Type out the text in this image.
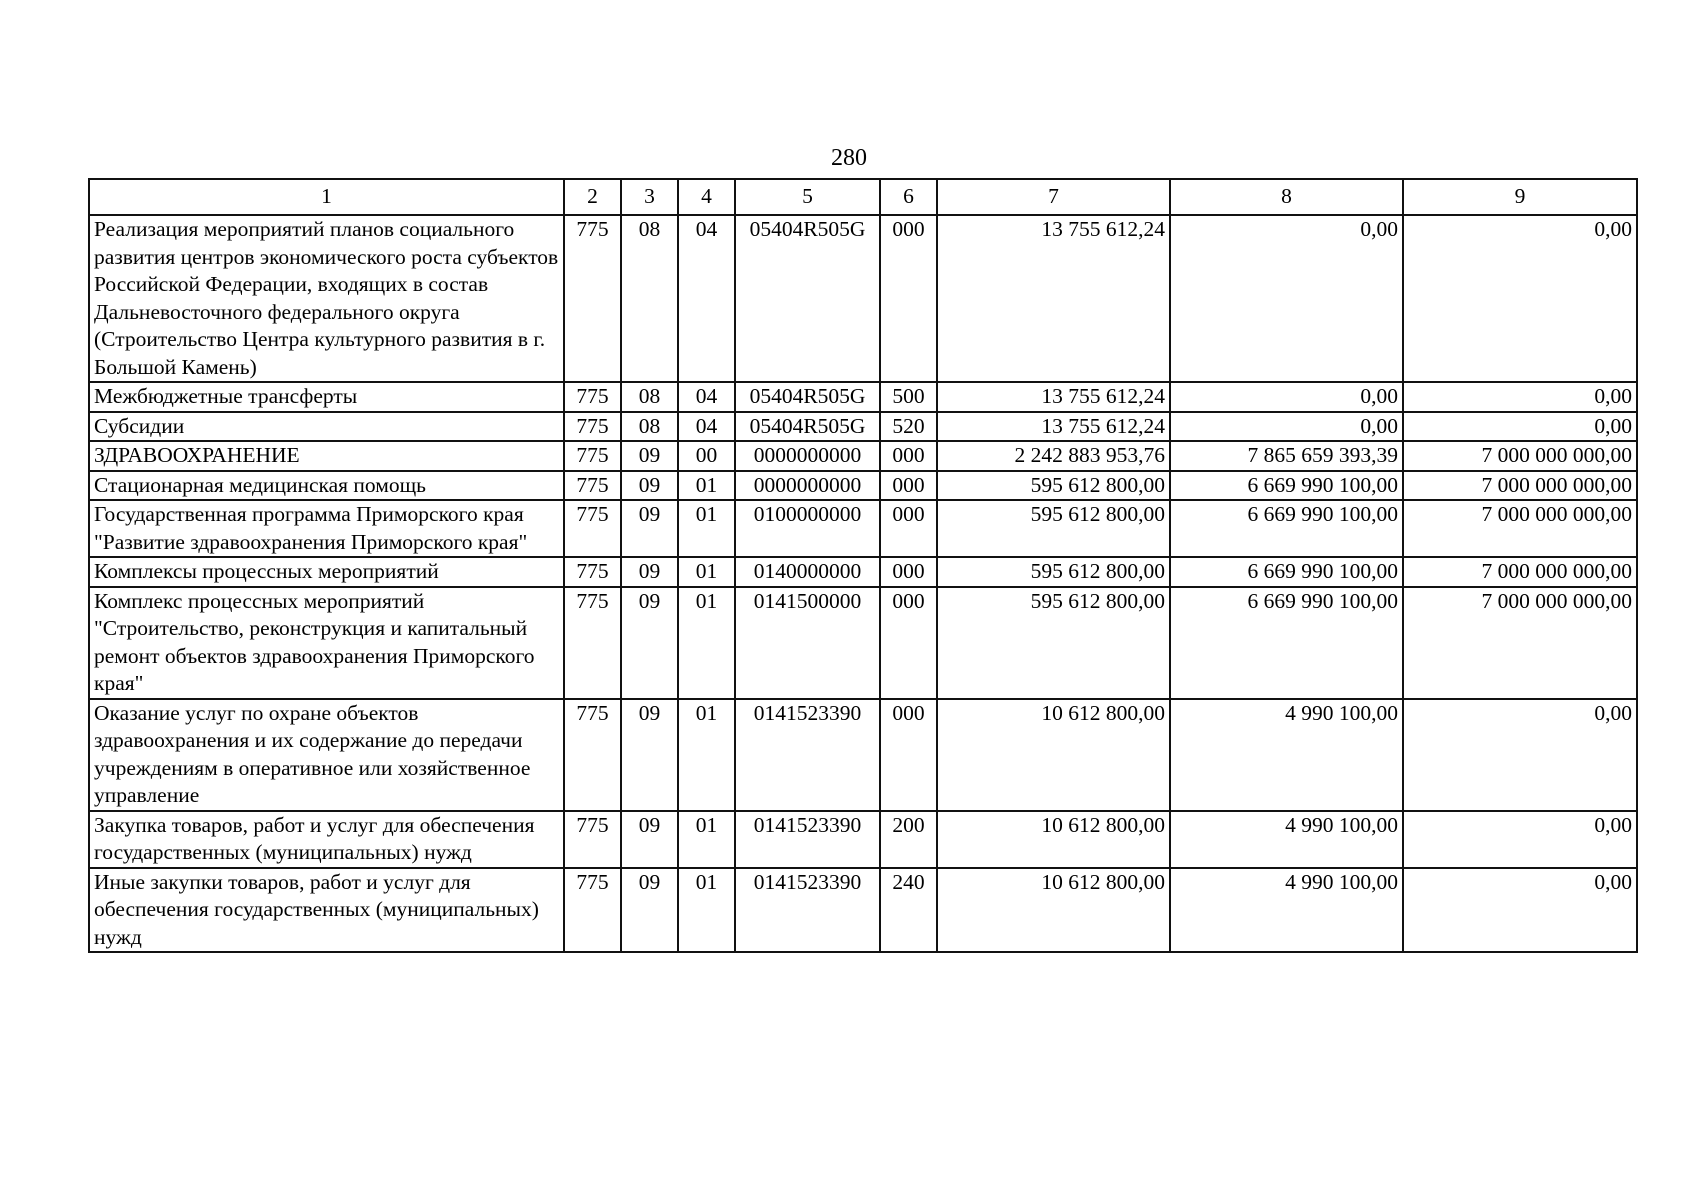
280
1	2	3	4	5	6	7	8	9
Реализация мероприятий планов социального развития центров экономического роста субъектов Российской Федерации, входящих в состав Дальневосточного федерального округа (Строительство Центра культурного развития в г. Большой Камень)	775	08	04	05404R505G	000	13 755 612,24	0,00	0,00
Межбюджетные трансферты	775	08	04	05404R505G	500	13 755 612,24	0,00	0,00
Субсидии	775	08	04	05404R505G	520	13 755 612,24	0,00	0,00
ЗДРАВООХРАНЕНИЕ	775	09	00	0000000000	000	2 242 883 953,76	7 865 659 393,39	7 000 000 000,00
Стационарная медицинская помощь	775	09	01	0000000000	000	595 612 800,00	6 669 990 100,00	7 000 000 000,00
Государственная программа Приморского края "Развитие здравоохранения Приморского края"	775	09	01	0100000000	000	595 612 800,00	6 669 990 100,00	7 000 000 000,00
Комплексы процессных мероприятий	775	09	01	0140000000	000	595 612 800,00	6 669 990 100,00	7 000 000 000,00
Комплекс процессных мероприятий "Строительство, реконструкция и капитальный ремонт объектов здравоохранения Приморского края"	775	09	01	0141500000	000	595 612 800,00	6 669 990 100,00	7 000 000 000,00
Оказание услуг по охране объектов здравоохранения и их содержание до передачи учреждениям в оперативное или хозяйственное управление	775	09	01	0141523390	000	10 612 800,00	4 990 100,00	0,00
Закупка товаров, работ и услуг для обеспечения государственных (муниципальных) нужд	775	09	01	0141523390	200	10 612 800,00	4 990 100,00	0,00
Иные закупки товаров, работ и услуг для обеспечения государственных (муниципальных) нужд	775	09	01	0141523390	240	10 612 800,00	4 990 100,00	0,00
